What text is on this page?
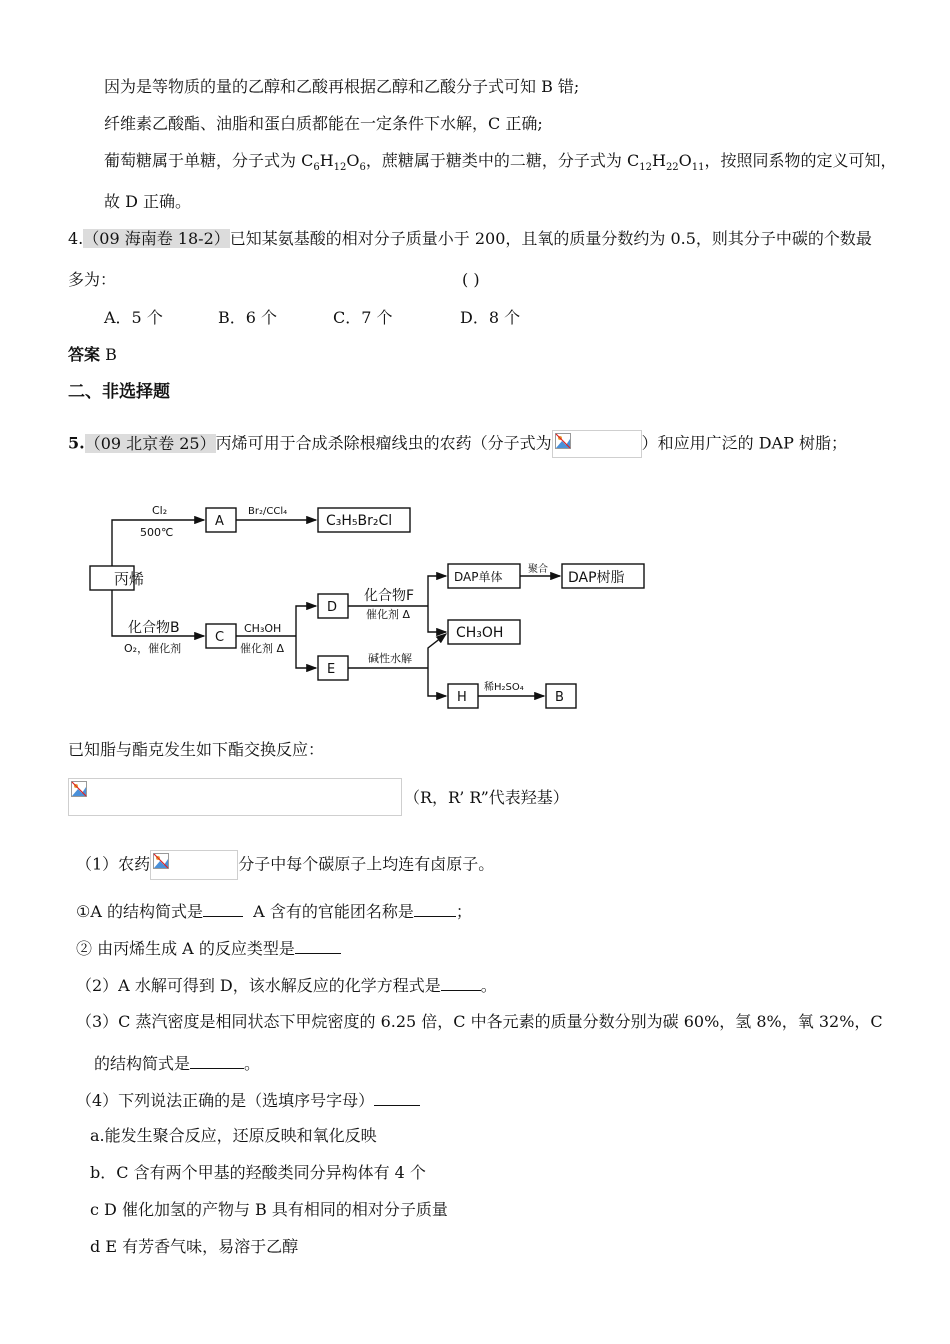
因为是等物质的量的乙醇和乙酸再根据乙醇和乙酸分子式可知 B 错;
纤维素乙酸酯、油脂和蛋白质都能在一定条件下水解，C 正确;
葡萄糖属于单糖，分子式为 $C_6H_{12}O_6$，蔗糖属于糖类中的二糖，分子式为 $C_{12}H_{22}O_{11}$，按照同系物的定义可知，
故 D 正确。
4.（09 海南卷 18-2）已知某氨基酸的相对分子质量小于 200，且氧的质量分数约为 0.5，则其分子中碳的个数最
多为：	( )
A．5 个	B．6 个	C．7 个	D．8 个
答案 B
二、非选择题
5.（09 北京卷 25）丙烯可用于合成杀除根瘤线虫的农药（分子式为	）和应用广泛的 DAP 树脂；
丙烯
Cl₂
500℃
A
Br₂/CCl₄
C₃H₅Br₂Cl
化合物B
O₂，催化剂
C
CH₃OH
催化剂 Δ
D
E
化合物F
催化剂 Δ
DAP单体
聚合
DAP树脂
CH₃OH
碱性水解
H
稀H₂SO₄
B
已知脂与酯克发生如下酯交换反应：
（R，R’ R”代表羟基）
（1）农药	分子中每个碳原子上均连有卤原子。
①A 的结构简式是	A 含有的官能团名称是	；
② 由丙烯生成 A 的反应类型是
（2）A 水解可得到 D，该水解反应的化学方程式是	。
（3）C 蒸汽密度是相同状态下甲烷密度的 6.25 倍，C 中各元素的质量分数分别为碳 60%，氢 8%，氧 32%，C
的结构简式是	。
（4）下列说法正确的是（选填序号字母）
a.能发生聚合反应，还原反映和氧化反映
b．C 含有两个甲基的羟酸类同分异构体有 4 个
c D 催化加氢的产物与 B 具有相同的相对分子质量
d E 有芳香气味，易溶于乙醇
